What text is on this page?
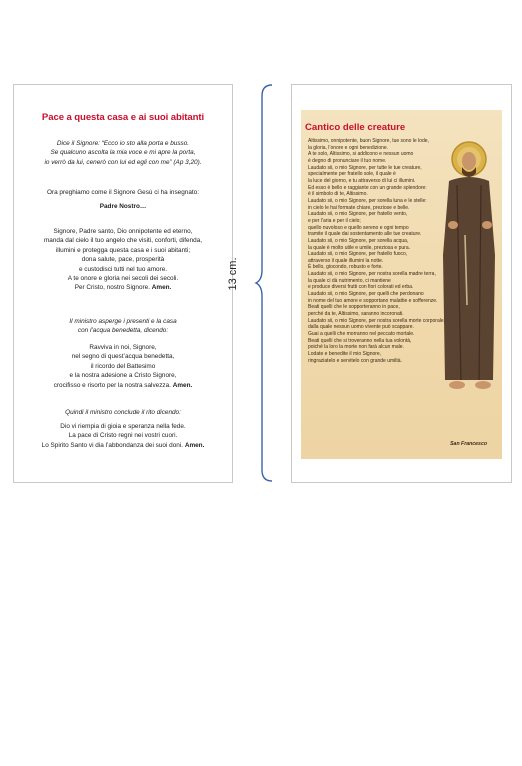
Pace a questa casa e ai suoi abitanti
Dice il Signore: “Ecco io sto alla porta e busso.
Se qualcuno ascolta la mia voce e mi apre la porta,
io verrò da lui, cenerò con lui ed egli con me” (Ap 3,20).
Ora preghiamo come il Signore Gesù ci ha insegnato:
Padre Nostro…
Signore, Padre santo, Dio onnipotente ed eterno,
manda dal cielo il tuo angelo che visiti, conforti, difenda,
illumini e protegga questa casa e i suoi abitanti;
dona salute, pace, prosperità
e custodisci tutti nel tuo amore.
A te onore e gloria nei secoli dei secoli.
Per Cristo, nostro Signore. Amen.
Il ministro asperge i presenti e la casa
con l’acqua benedetta, dicendo:
Ravviva in noi, Signore,
nel segno di quest’acqua benedetta,
il ricordo del Battesimo
e la nostra adesione a Cristo Signore,
crocifisso e risorto per la nostra salvezza. Amen.
Quindi il ministro conclude il rito dicendo:
Dio vi riempia di gioia e speranza nella fede.
La pace di Cristo regni nei vostri cuori.
Lo Spirito Santo vi dia l’abbondanza dei suoi doni. Amen.
13 cm.
Cantico delle creature
Altissimo, onnipotente, buon Signore, tue sono le lode,
la gloria, l’onore e ogni benedizione.
A te solo, Altissimo, si addicono e nessun uomo
è degno di pronunciare il tuo nome.
Laudato sii, o mio Signore, per tutte le tue creature,
specialmente per fratello sole, il quale è
la luce del giorno, e tu attraverso di lui ci illumini.
Ed esso è bello e raggiante con un grande splendore:
è il simbolo di te, Altissimo.
Laudato sii, o mio Signore, per sorella luna e le stelle:
in cielo le hai formate chiare, preziose e belle.
Laudato sii, o mio Signore, per fratello vento,
e per l’aria e per il cielo;
quello nuvoloso e quello sereno e ogni tempo
tramite il quale dai sostentamento alle tue creature.
Laudato sii, o mio Signore, per sorella acqua,
la quale è molto utile e umile, preziosa e pura.
Laudato sii, o mio Signore, per fratello fuoco,
attraverso il quale illumini la notte.
È bello, giocondo, robusto e forte.
Laudato sii, o mio Signore, per nostra sorella madre terra,
la quale ci dà nutrimento, ci mantiene
e produce diversi frutti con fiori colorati ed erba.
Laudato sii, o mio Signore, per quelli che perdonano
in nome del tuo amore e sopportano malattie e sofferenze.
Beati quelli che le sopporteranno in pace,
perché da te, Altissimo, saranno incoronati.
Laudato sii, o mio Signore, per nostra sorella morte corporale,
dalla quale nessun uomo vivente può scappare.
Guai a quelli che morranno nel peccato mortale.
Beati quelli che si troveranno nella tua volontà,
poiché la loro la morte non farà alcun male.
Lodate e benedite il mio Signore,
ringraziatelo e servitelo con grande umiltà.
San Francesco
